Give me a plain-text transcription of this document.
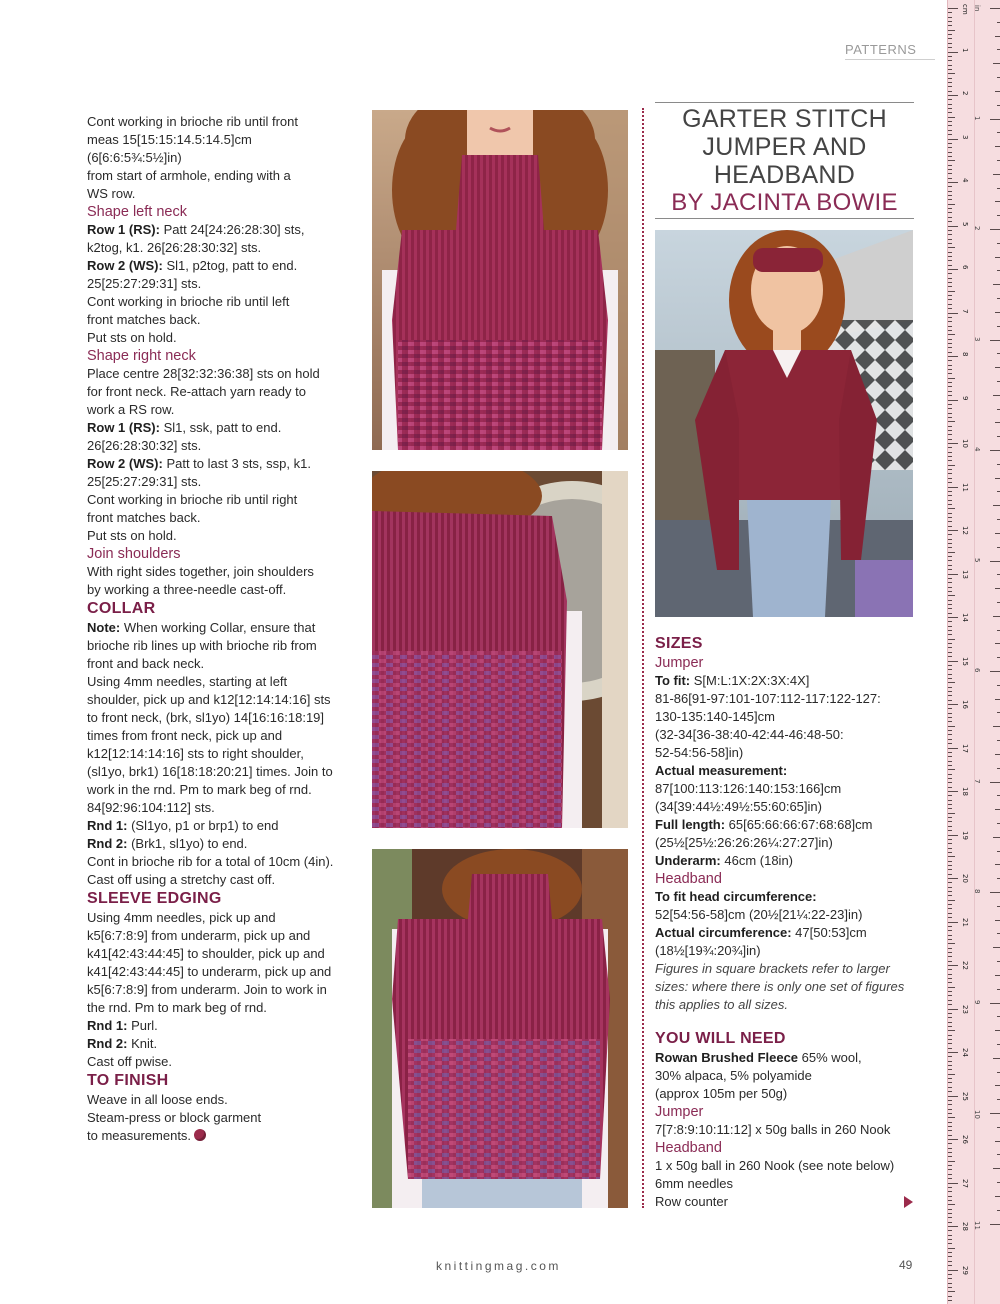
PATTERNS

Cont working in brioche rib until front

meas 15[15:15:14.5:14.5]cm (6[6:6:5¾:5½]in)

from start of armhole, ending with a

WS row.

Shape left neck

Row 1 (RS): Patt 24[24:26:28:30] sts,

k2tog, k1. 26[26:28:30:32] sts.

Row 2 (WS): Sl1, p2tog, patt to end.

25[25:27:29:31] sts.

Cont working in brioche rib until left

front matches back.

Put sts on hold.

Shape right neck

Place centre 28[32:32:36:38] sts on hold

for front neck. Re-attach yarn ready to

work a RS row.

Row 1 (RS): Sl1, ssk, patt to end.

26[26:28:30:32] sts.

Row 2 (WS): Patt to last 3 sts, ssp, k1.

25[25:27:29:31] sts.

Cont working in brioche rib until right

front matches back.

Put sts on hold.

Join shoulders

With right sides together, join shoulders

by working a three-needle cast-off.

COLLAR

Note: When working Collar, ensure that

brioche rib lines up with brioche rib from

front and back neck.

Using 4mm needles, starting at left

shoulder, pick up and k12[12:14:14:16] sts

to front neck, (brk, sl1yo) 14[16:16:18:19]

times from front neck, pick up and

k12[12:14:14:16] sts to right shoulder,

(sl1yo, brk1) 16[18:18:20:21] times. Join to

work in the rnd. Pm to mark beg of rnd.

84[92:96:104:112] sts.

Rnd 1: (Sl1yo, p1 or brp1) to end

Rnd 2: (Brk1, sl1yo) to end.

Cont in brioche rib for a total of 10cm (4in).

Cast off using a stretchy cast off.

SLEEVE EDGING

Using 4mm needles, pick up and

k5[6:7:8:9] from underarm, pick up and

k41[42:43:44:45] to shoulder, pick up and

k41[42:43:44:45] to underarm, pick up and

k5[6:7:8:9] from underarm. Join to work in

the rnd. Pm to mark beg of rnd.

Rnd 1: Purl.

Rnd 2: Knit.

Cast off pwise.

TO FINISH

Weave in all loose ends.

Steam-press or block garment

to measurements.

GARTER STITCH
JUMPER AND
HEADBAND
BY JACINTA BOWIE

SIZES

Jumper

To fit: S[M:L:1X:2X:3X:4X]

81-86[91-97:101-107:112-117:122-127:

130-135:140-145]cm

(32-34[36-38:40-42:44-46:48-50:

52-54:56-58]in)

Actual measurement:

87[100:113:126:140:153:166]cm

(34[39:44½:49½:55:60:65]in)

Full length: 65[65:66:66:67:68:68]cm

(25½[25½:26:26:26¼:27:27]in)

Underarm: 46cm (18in)

Headband

To fit head circumference:

52[54:56-58]cm (20½[21¼:22-23]in)

Actual circumference: 47[50:53]cm

(18½[19¾:20¾]in)

Figures in square brackets refer to larger

sizes: where there is only one set of figures

this applies to all sizes.

YOU WILL NEED

Rowan Brushed Fleece 65% wool,

30% alpaca, 5% polyamide

(approx 105m per 50g)

Jumper

7[7:8:9:10:11:12] x 50g balls in 260 Nook

Headband

1 x 50g ball in 260 Nook (see note below)

6mm needles

Row counter

knittingmag.com	49
cm
1
2
3
4
5
6
7
8
9
10
11
12
13
14
15
16
17
18
19
20
21
22
23
24
25
26
27
28
29
in
1
2
3
4
5
6
7
8
9
10
11
